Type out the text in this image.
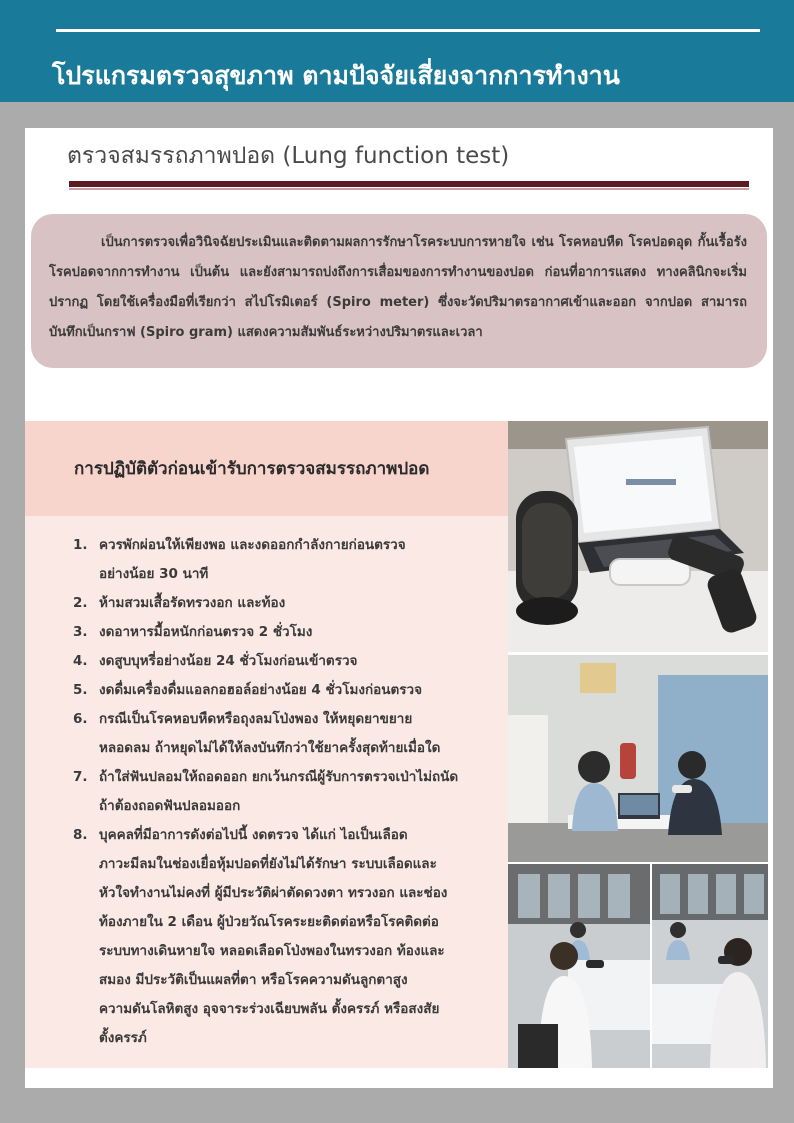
โปรแกรมตรวจสุขภาพ ตามปัจจัยเสี่ยงจากการทำงาน
ตรวจสมรรถภาพปอด (Lung function test)
เป็นการตรวจเพื่อวินิจฉัยประเมินและติดตามผลการรักษาโรคระบบการหายใจ เช่น โรคหอบหืด โรคปอดอุด กั้นเรื้อรัง โรคปอดจากการทำงาน เป็นต้น และยังสามารถบ่งถึงการเสื่อมของการทำงานของปอด ก่อนที่อาการแสดง ทางคลินิกจะเริ่มปรากฏ โดยใช้เครื่องมือที่เรียกว่า สไปโรมิเตอร์ (Spiro meter) ซึ่งจะวัดปริมาตรอากาศเข้าและออก จากปอด สามารถบันทึกเป็นกราฟ (Spiro gram) แสดงความสัมพันธ์ระหว่างปริมาตรและเวลา
การปฏิบัติตัวก่อนเข้ารับการตรวจสมรรถภาพปอด
1. ควรพักผ่อนให้เพียงพอ และงดออกกำลังกายก่อนตรวจ
อย่างน้อย 30 นาที
2. ห้ามสวมเสื้อรัดทรวงอก และท้อง
3. งดอาหารมื้อหนักก่อนตรวจ 2 ชั่วโมง
4. งดสูบบุหรี่อย่างน้อย 24 ชั่วโมงก่อนเข้าตรวจ
5. งดดื่มเครื่องดื่มแอลกอฮอล์อย่างน้อย 4 ชั่วโมงก่อนตรวจ
6. กรณีเป็นโรคหอบหืดหรือถุงลมโป่งพอง ให้หยุดยาขยาย
หลอดลม ถ้าหยุดไม่ได้ให้ลงบันทึกว่าใช้ยาครั้งสุดท้ายเมื่อใด
7. ถ้าใส่ฟันปลอมให้ถอดออก ยกเว้นกรณีผู้รับการตรวจเป่าไม่ถนัด
ถ้าต้องถอดฟันปลอมออก
8. บุคคลที่มีอาการดังต่อไปนี้ งดตรวจ ได้แก่ ไอเป็นเลือด
ภาวะมีลมในช่องเยื่อหุ้มปอดที่ยังไม่ได้รักษา ระบบเลือดและ
หัวใจทำงานไม่คงที่ ผู้มีประวัติผ่าตัดดวงตา ทรวงอก และช่อง
ท้องภายใน 2 เดือน ผู้ป่วยวัณโรคระยะติดต่อหรือโรคติดต่อ
ระบบทางเดินหายใจ หลอดเลือดโป่งพองในทรวงอก ท้องและ
สมอง มีประวัติเป็นแผลที่ตา หรือโรคความดันลูกตาสูง
ความดันโลหิตสูง อุจจาระร่วงเฉียบพลัน ตั้งครรภ์ หรือสงสัย
ตั้งครรภ์
